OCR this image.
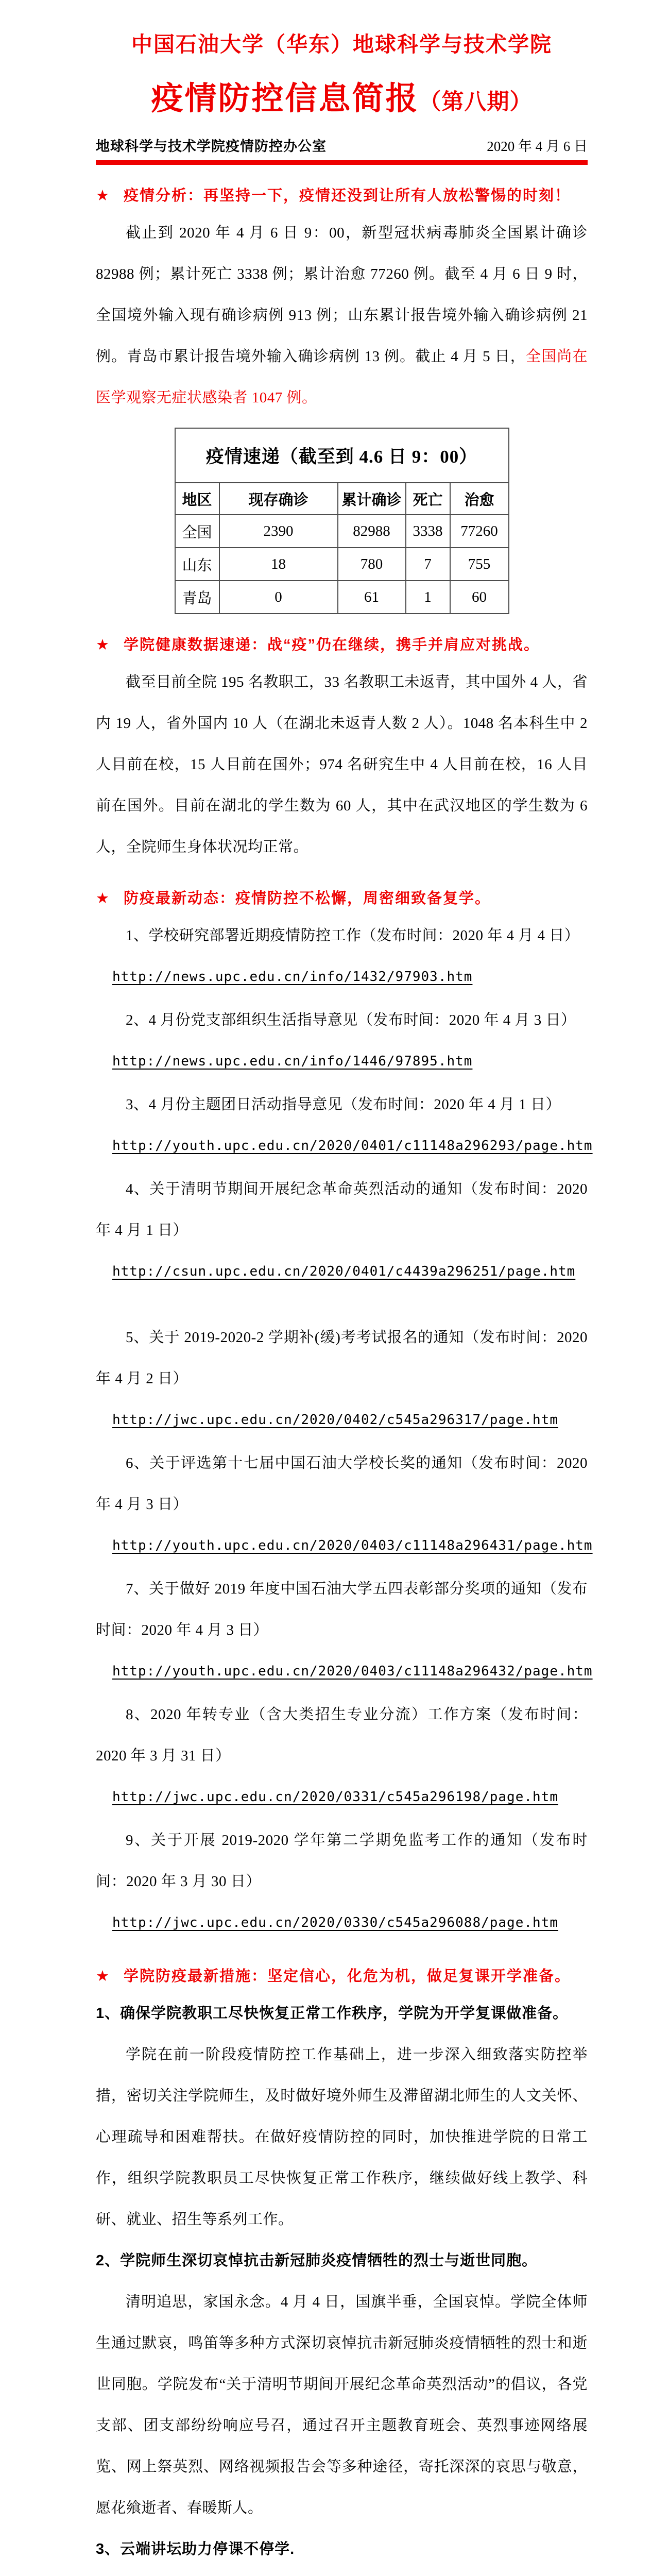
中国石油大学（华东）地球科学与技术学院
疫情防控信息简报（第八期）
地球科学与技术学院疫情防控办公室	2020 年 4 月 6 日
★ 疫情分析：再坚持一下，疫情还没到让所有人放松警惕的时刻！
截止到 2020 年 4 月 6 日 9：00，新型冠状病毒肺炎全国累计确诊 82988 例；累计死亡 3338 例；累计治愈 77260 例。截至 4 月 6 日 9 时，全国境外输入现有确诊病例 913 例；山东累计报告境外输入确诊病例 21 例。青岛市累计报告境外输入确诊病例 13 例。截止 4 月 5 日，全国尚在医学观察无症状感染者 1047 例。
疫情速递（截至到 4.6 日 9：00）				
地区	现存确诊	累计确诊	死亡	治愈
全国	2390	82988	3338	77260
山东	18	780	7	755
青岛	0	61	1	60
★ 学院健康数据速递：战“疫”仍在继续，携手并肩应对挑战。
截至目前全院 195 名教职工，33 名教职工未返青，其中国外 4 人，省内 19 人，省外国内 10 人（在湖北未返青人数 2 人）。1048 名本科生中 2 人目前在校，15 人目前在国外；974 名研究生中 4 人目前在校，16 人目前在国外。目前在湖北的学生数为 60 人，其中在武汉地区的学生数为 6 人，全院师生身体状况均正常。
★ 防疫最新动态：疫情防控不松懈，周密细致备复学。
1、学校研究部署近期疫情防控工作（发布时间：2020 年 4 月 4 日）
http://news.upc.edu.cn/info/1432/97903.htm
2、4 月份党支部组织生活指导意见（发布时间：2020 年 4 月 3 日）
http://news.upc.edu.cn/info/1446/97895.htm
3、4 月份主题团日活动指导意见（发布时间：2020 年 4 月 1 日）
http://youth.upc.edu.cn/2020/0401/c11148a296293/page.htm
4、关于清明节期间开展纪念革命英烈活动的通知（发布时间：2020 年 4 月 1 日）
http://csun.upc.edu.cn/2020/0401/c4439a296251/page.htm
5、关于 2019-2020-2 学期补(缓)考考试报名的通知（发布时间：2020 年 4 月 2 日）
http://jwc.upc.edu.cn/2020/0402/c545a296317/page.htm
6、关于评选第十七届中国石油大学校长奖的通知（发布时间：2020 年 4 月 3 日）
http://youth.upc.edu.cn/2020/0403/c11148a296431/page.htm
7、关于做好 2019 年度中国石油大学五四表彰部分奖项的通知（发布时间：2020 年 4 月 3 日）
http://youth.upc.edu.cn/2020/0403/c11148a296432/page.htm
8、2020 年转专业（含大类招生专业分流）工作方案（发布时间：2020 年 3 月 31 日）
http://jwc.upc.edu.cn/2020/0331/c545a296198/page.htm
9、关于开展 2019-2020 学年第二学期免监考工作的通知（发布时间：2020 年 3 月 30 日）
http://jwc.upc.edu.cn/2020/0330/c545a296088/page.htm
★ 学院防疫最新措施：坚定信心，化危为机，做足复课开学准备。
1、确保学院教职工尽快恢复正常工作秩序，学院为开学复课做准备。
学院在前一阶段疫情防控工作基础上，进一步深入细致落实防控举措，密切关注学院师生，及时做好境外师生及滞留湖北师生的人文关怀、心理疏导和困难帮扶。在做好疫情防控的同时，加快推进学院的日常工作，组织学院教职员工尽快恢复正常工作秩序，继续做好线上教学、科研、就业、招生等系列工作。
2、学院师生深切哀悼抗击新冠肺炎疫情牺牲的烈士与逝世同胞。
清明追思，家国永念。4 月 4 日，国旗半垂，全国哀悼。学院全体师生通过默哀，鸣笛等多种方式深切哀悼抗击新冠肺炎疫情牺牲的烈士和逝世同胞。学院发布“关于清明节期间开展纪念革命英烈活动”的倡议，各党支部、团支部纷纷响应号召，通过召开主题教育班会、英烈事迹网络展览、网上祭英烈、网络视频报告会等多种途径，寄托深深的哀思与敬意，愿花飨逝者、春暖斯人。
3、云端讲坛助力停课不停学.
